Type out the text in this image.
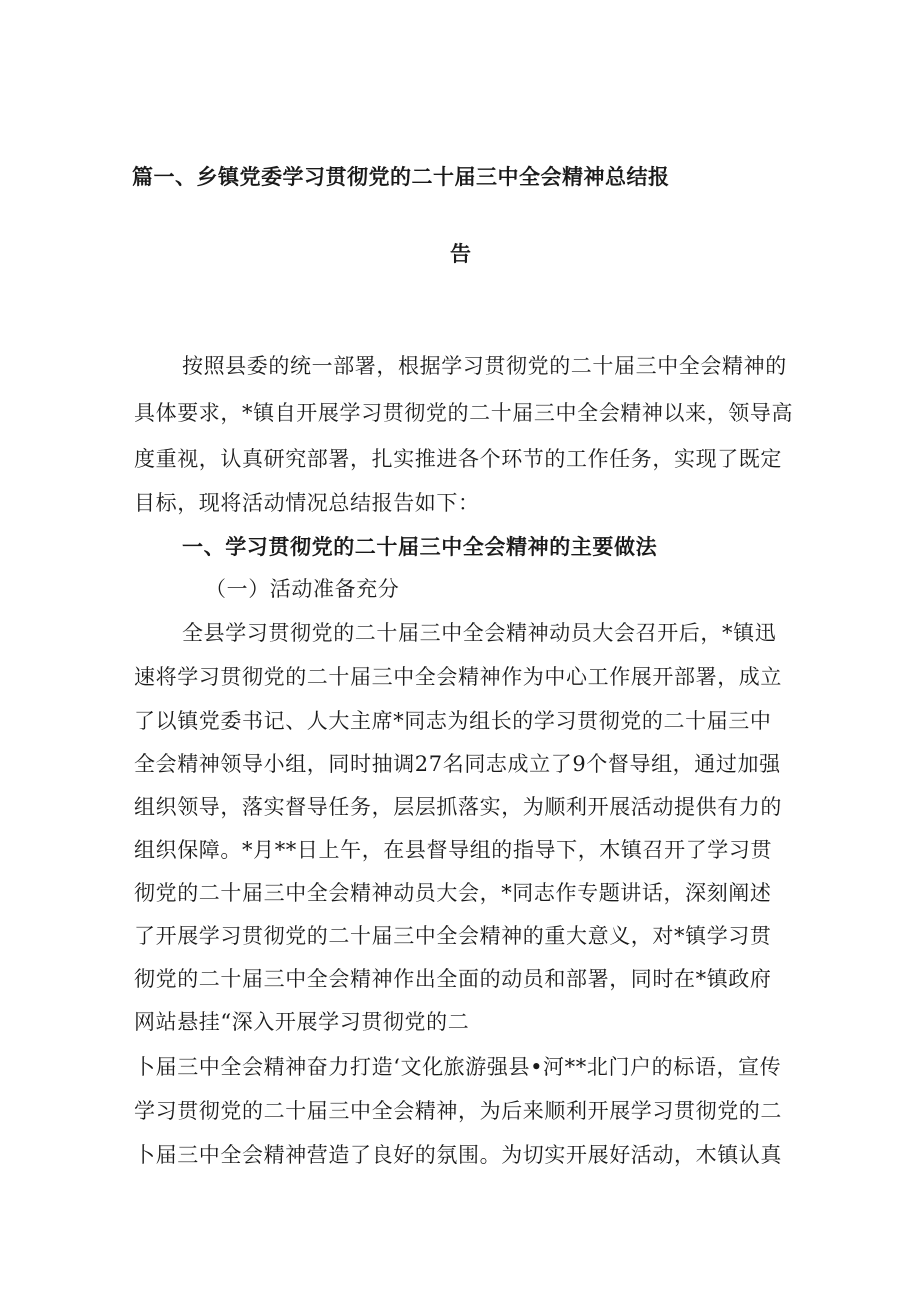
篇一、乡镇党委学习贯彻党的二十届三中全会精神总结报
告
按照县委的统一部署，根据学习贯彻党的二十届三中全会精神的
具体要求，*镇自开展学习贯彻党的二十届三中全会精神以来，领导高
度重视，认真研究部署，扎实推进各个环节的工作任务，实现了既定
目标，现将活动情况总结报告如下：
一、学习贯彻党的二十届三中全会精神的主要做法
（一）活动准备充分
全县学习贯彻党的二十届三中全会精神动员大会召开后，*镇迅
速将学习贯彻党的二十届三中全会精神作为中心工作展开部署，成立
了以镇党委书记、人大主席*同志为组长的学习贯彻党的二十届三中
全会精神领导小组，同时抽调27名同志成立了9个督导组，通过加强
组织领导，落实督导任务，层层抓落实，为顺利开展活动提供有力的
组织保障。*月**日上午，在县督导组的指导下，木镇召开了学习贯
彻党的二十届三中全会精神动员大会，*同志作专题讲话，深刻阐述
了开展学习贯彻党的二十届三中全会精神的重大意义，对*镇学习贯
彻党的二十届三中全会精神作出全面的动员和部署，同时在*镇政府
网站悬挂“深入开展学习贯彻党的二
卜届三中全会精神奋力打造‘文化旅游强县•河**北门户的标语，宣传
学习贯彻党的二十届三中全会精神，为后来顺利开展学习贯彻党的二
卜届三中全会精神营造了良好的氛围。为切实开展好活动，木镇认真
